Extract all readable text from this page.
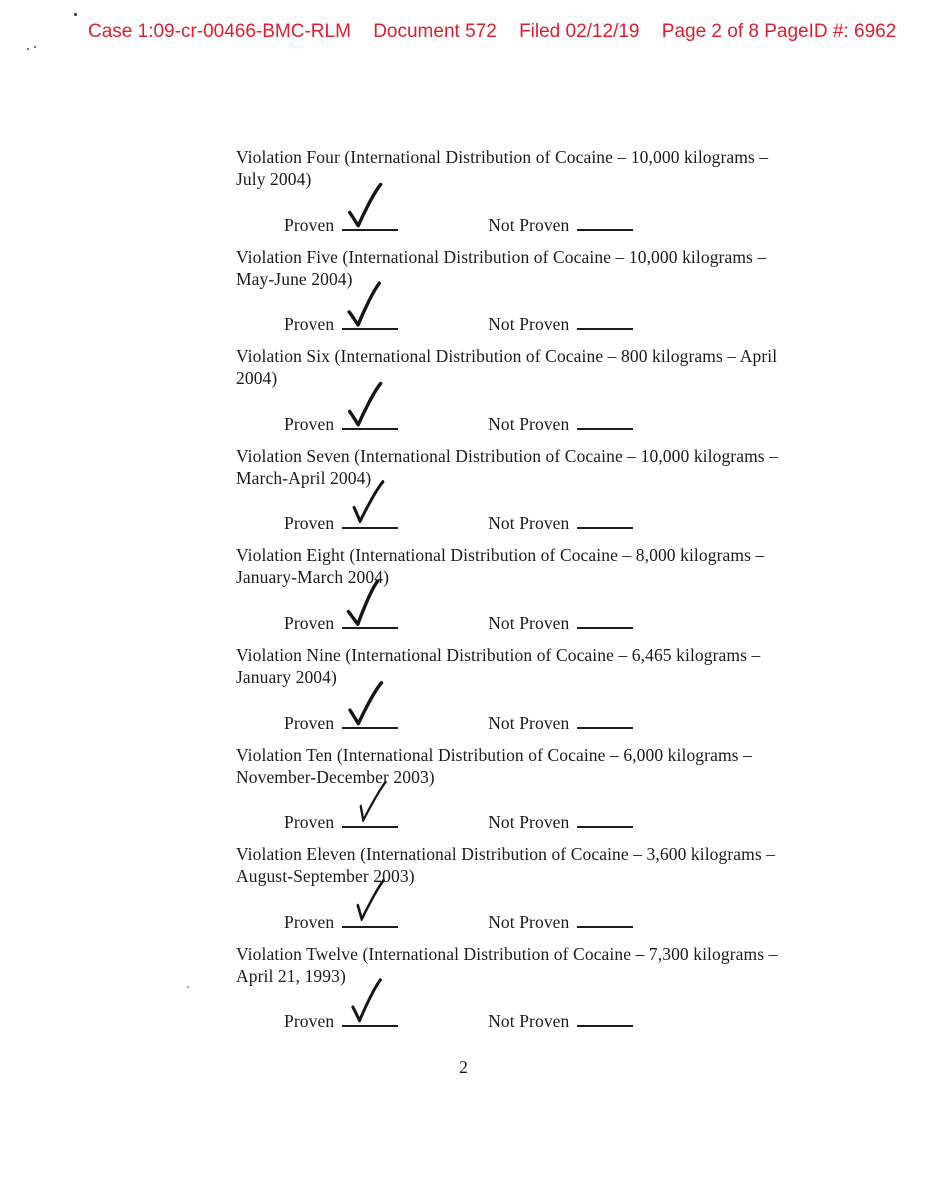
Case 1:09-cr-00466-BMC-RLM Document 572 Filed 02/12/19 Page 2 of 8 PageID #: 6962

Violation Four (International Distribution of Cocaine – 10,000 kilograms –
July 2004)

Proven	Not Proven

Violation Five (International Distribution of Cocaine – 10,000 kilograms –
May-June 2004)

Proven	Not Proven

Violation Six (International Distribution of Cocaine – 800 kilograms – April
2004)

Proven	Not Proven

Violation Seven (International Distribution of Cocaine – 10,000 kilograms –
March-April 2004)

Proven	Not Proven

Violation Eight (International Distribution of Cocaine – 8,000 kilograms –
January-March 2004)

Proven	Not Proven

Violation Nine (International Distribution of Cocaine – 6,465 kilograms –
January 2004)

Proven	Not Proven

Violation Ten (International Distribution of Cocaine – 6,000 kilograms –
November-December 2003)

Proven	Not Proven

Violation Eleven (International Distribution of Cocaine – 3,600 kilograms –
August-September 2003)

Proven	Not Proven

Violation Twelve (International Distribution of Cocaine – 7,300 kilograms –
April 21, 1993)

Proven	Not Proven
2
